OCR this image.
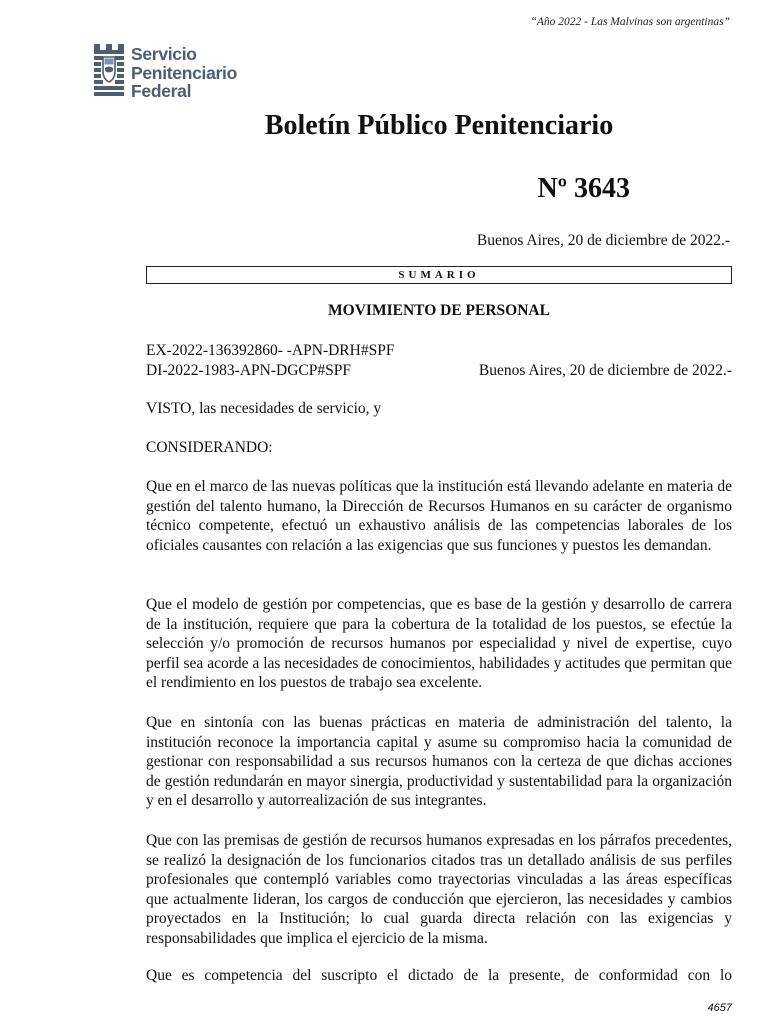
“Año 2022 - Las Malvinas son argentinas”
Servicio
Penitenciario
Federal
Boletín Público Penitenciario
Nº 3643
Buenos Aires, 20 de diciembre de 2022.-
SUMARIO
MOVIMIENTO DE PERSONAL
EX-2022-136392860- -APN-DRH#SPF
DI-2022-1983-APN-DGCP#SPF	Buenos Aires, 20 de diciembre de 2022.-
VISTO, las necesidades de servicio, y
CONSIDERANDO:

Que en el marco de las nuevas políticas que la institución está llevando adelante en materia de gestión del talento humano, la Dirección de Recursos Humanos en su carácter de organismo técnico competente, efectuó un exhaustivo análisis de las competencias laborales de los oficiales causantes con relación a las exigencias que sus funciones y puestos les demandan.

Que el modelo de gestión por competencias, que es base de la gestión y desarrollo de carrera de la institución, requiere que para la cobertura de la totalidad de los puestos, se efectúe la selección y/o promoción de recursos humanos por especialidad y nivel de expertise, cuyo perfil sea acorde a las necesidades de conocimientos, habilidades y actitudes que permitan que el rendimiento en los puestos de trabajo sea excelente.

Que en sintonía con las buenas prácticas en materia de administración del talento, la institución reconoce la importancia capital y asume su compromiso hacia la comunidad de gestionar con responsabilidad a sus recursos humanos con la certeza de que dichas acciones de gestión redundarán en mayor sinergia, productividad y sustentabilidad para la organización y en el desarrollo y autorrealización de sus integrantes.

Que con las premisas de gestión de recursos humanos expresadas en los párrafos precedentes, se realizó la designación de los funcionarios citados tras un detallado análisis de sus perfiles profesionales que contempló variables como trayectorias vinculadas a las áreas específicas que actualmente lideran, los cargos de conducción que ejercieron, las necesidades y cambios proyectados en la Institución; lo cual guarda directa relación con las exigencias y responsabilidades que implica el ejercicio de la misma.

Que es competencia del suscripto el dictado de la presente, de conformidad con lo

4657
